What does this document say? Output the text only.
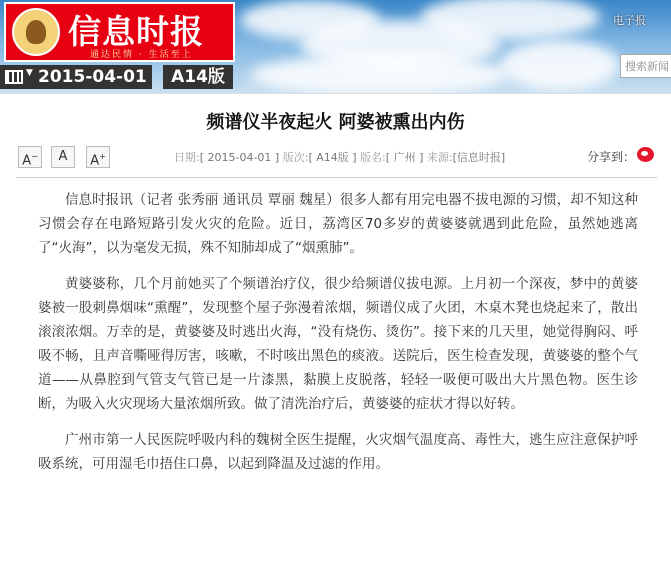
信息时报
通达民情 · 生活至上
▼ 2015-04-01	A14版
电子报
搜索新闻
频谱仪半夜起火 阿婆被熏出内伤
A−	A	A+	日期:[ 2015-04-01 ] 版次:[ A14版 ] 版名:[ 广州 ] 来源:[信息时报]	分享到：

信息时报讯（记者 张秀丽 通讯员 覃丽 魏星）很多人都有用完电器不拔电源的习惯，却不知这种习惯会存在电路短路引发火灾的危险。近日，荔湾区70多岁的黄婆婆就遇到此危险，虽然她逃离了“火海”，以为毫发无损，殊不知肺却成了“烟熏肺”。

黄婆婆称，几个月前她买了个频谱治疗仪，很少给频谱仪拔电源。上月初一个深夜，梦中的黄婆婆被一股刺鼻烟味“熏醒”，发现整个屋子弥漫着浓烟，频谱仪成了火团，木桌木凳也烧起来了，散出滚滚浓烟。万幸的是，黄婆婆及时逃出火海，“没有烧伤、烫伤”。接下来的几天里，她觉得胸闷、呼吸不畅，且声音嘶哑得厉害，咳嗽，不时咳出黑色的痰液。送院后，医生检查发现，黄婆婆的整个气道——从鼻腔到气管支气管已是一片漆黑，黏膜上皮脱落，轻轻一吸便可吸出大片黑色物。医生诊断，为吸入火灾现场大量浓烟所致。做了清洗治疗后，黄婆婆的症状才得以好转。

广州市第一人民医院呼吸内科的魏树全医生提醒，火灾烟气温度高、毒性大，逃生应注意保护呼吸系统，可用湿毛巾捂住口鼻，以起到降温及过滤的作用。
